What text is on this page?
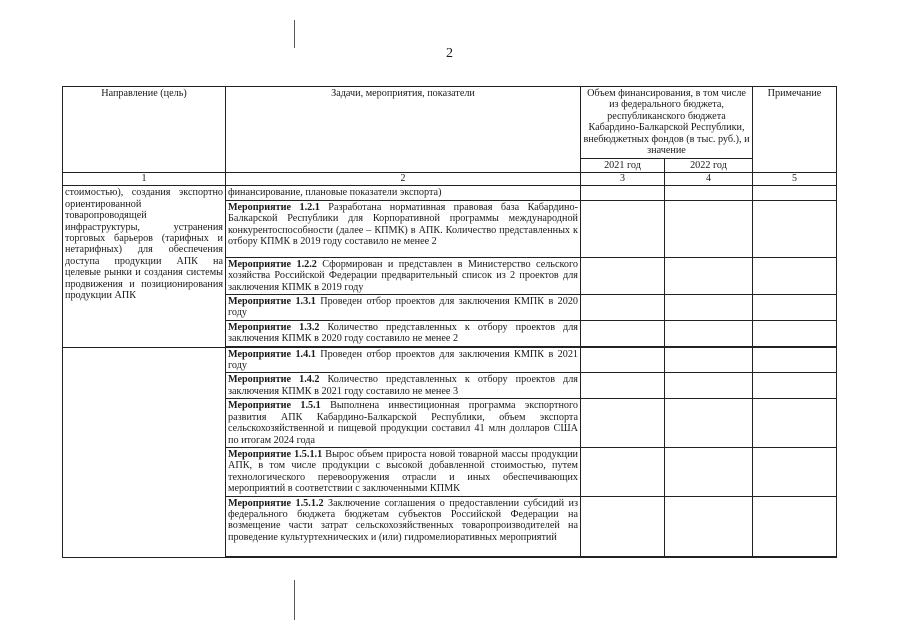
2
Направление (цель)	Задачи, мероприятия, показатели	Объем финансирования, в том числе из федерального бюджета, республиканского бюджета Кабардино-Балкарской Республики, внебюджетных фондов (в тыс. руб.), и значение		Примечание
		2021 год	2022 год	
1	2	3	4	5
стоимостью), создания экспортно ориентированной товаропроводящей инфраструктуры, устранения торговых барьеров (тарифных и нетарифных) для обеспечения доступа продукции АПК на целевые рынки и создания системы продвижения и позиционирования продукции АПК	финансирование, плановые показатели экспорта)			
	Мероприятие 1.2.1 Разработана нормативная правовая база Кабардино-Балкарской Республики для Корпоративной программы международной конкурентоспособности (далее – КПМК) в АПК. Количество представленных к отбору КПМК в 2019 году составило не менее 2			
	Мероприятие 1.2.2 Сформирован и представлен в Министерство сельского хозяйства Российской Федерации предварительный список из 2 проектов для заключения КПМК в 2019 году			
	Мероприятие 1.3.1 Проведен отбор проектов для заключения КМПК в 2020 году			
	Мероприятие 1.3.2 Количество представленных к отбору проектов для заключения КПМК в 2020 году составило не менее 2			

	Мероприятие 1.4.1 Проведен отбор проектов для заключения КМПК в 2021 году			
	Мероприятие 1.4.2 Количество представленных к отбору проектов для заключения КПМК в 2021 году составило не менее 3			
	Мероприятие 1.5.1 Выполнена инвестиционная программа экспортного развития АПК Кабардино-Балкарской Республики, объем экспорта сельскохозяйственной и пищевой продукции составил 41 млн долларов США по итогам 2024 года			
	Мероприятие 1.5.1.1 Вырос объем прироста новой товарной массы продукции АПК, в том числе продукции с высокой добавленной стоимостью, путем технологического перевооружения отрасли и иных обеспечивающих мероприятий в соответствии с заключенными КПМК			
	Мероприятие 1.5.1.2 Заключение соглашения о предоставлении субсидий из федерального бюджета бюджетам субъектов Российской Федерации на возмещение части затрат сельскохозяйственных товаропроизводителей на проведение культуртехнических и (или) гидромелиоративных мероприятий			
